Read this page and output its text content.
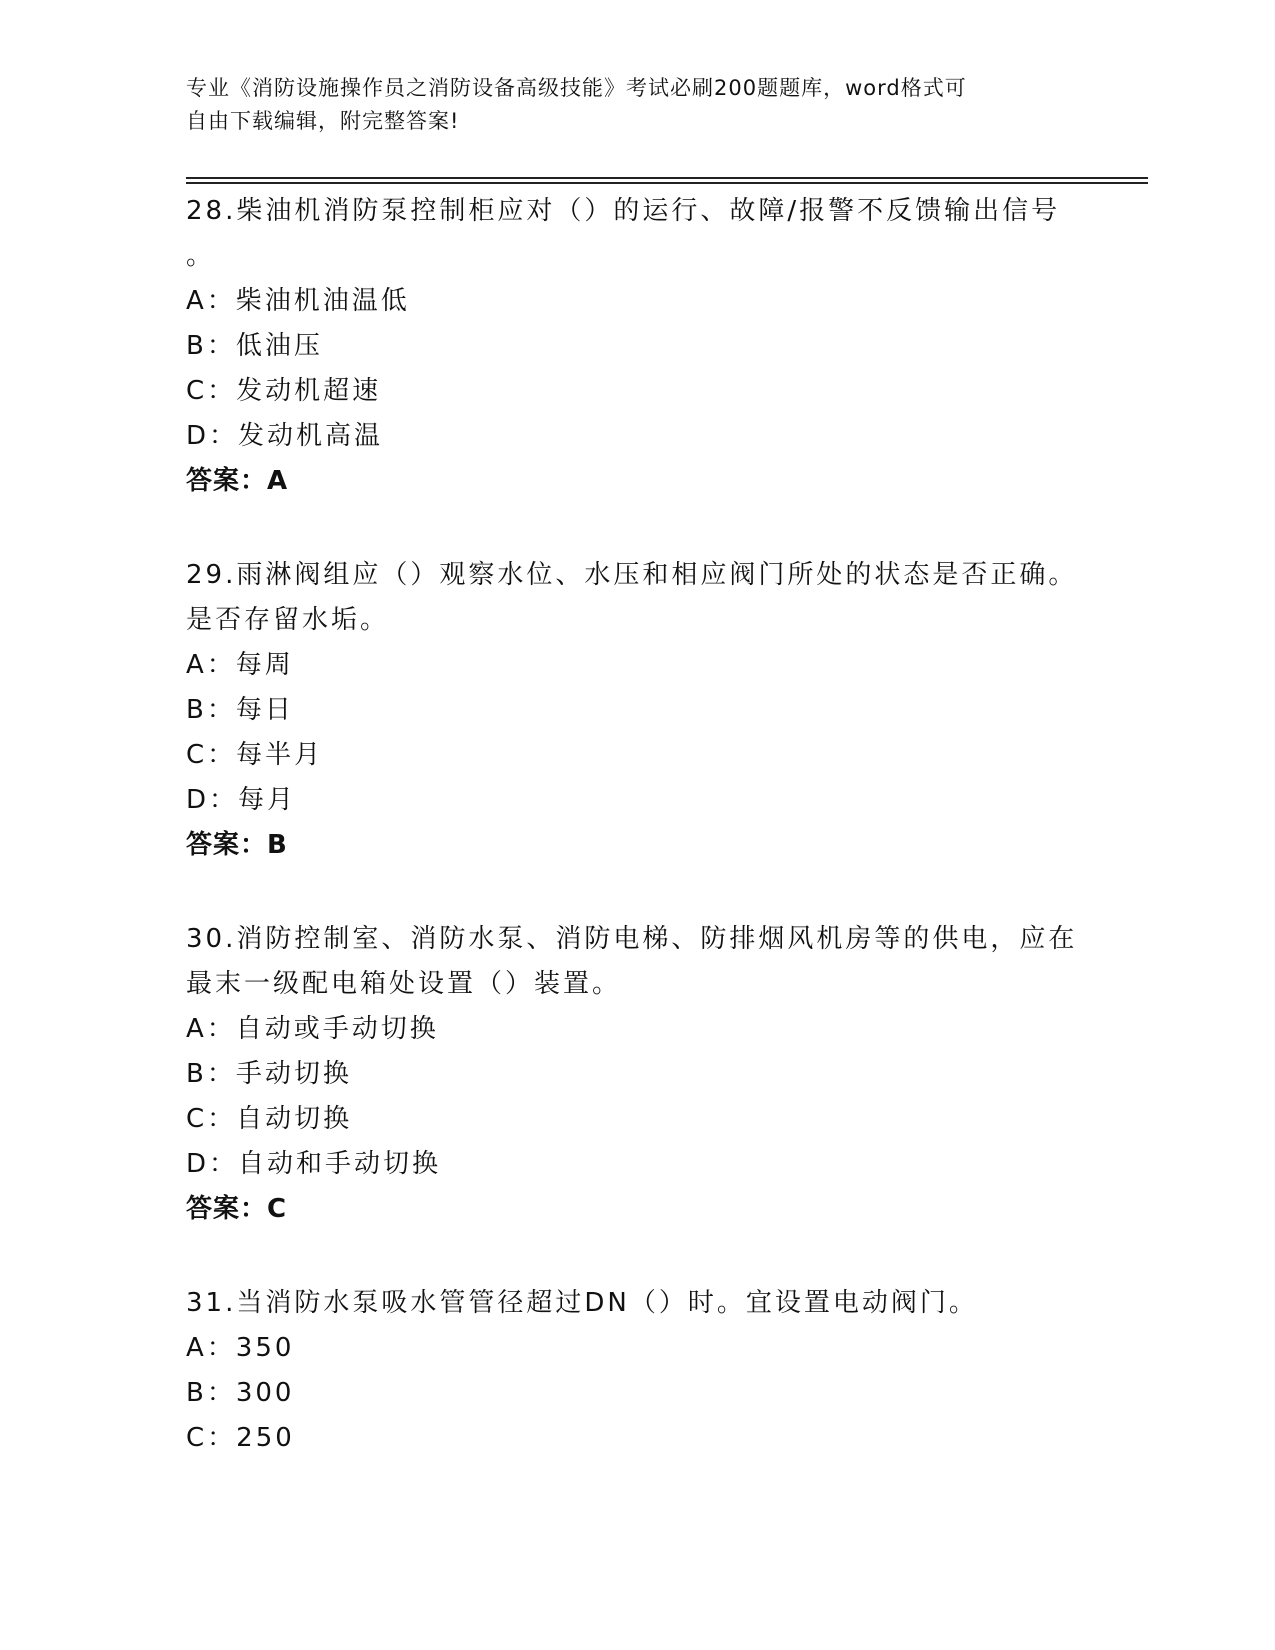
专业《消防设施操作员之消防设备高级技能》考试必刷200题题库，word格式可
自由下载编辑，附完整答案!
28.柴油机消防泵控制柜应对（）的运行、故障/报警不反馈输出信号
。
A：柴油机油温低
B：低油压
C：发动机超速
D：发动机高温
答案：A
29.雨淋阀组应（）观察水位、水压和相应阀门所处的状态是否正确。
是否存留水垢。
A：每周
B：每日
C：每半月
D：每月
答案：B
30.消防控制室、消防水泵、消防电梯、防排烟风机房等的供电，应在
最末一级配电箱处设置（）装置。
A：自动或手动切换
B：手动切换
C：自动切换
D：自动和手动切换
答案：C
31.当消防水泵吸水管管径超过DN（）时。宜设置电动阀门。
A：350
B：300
C：250
